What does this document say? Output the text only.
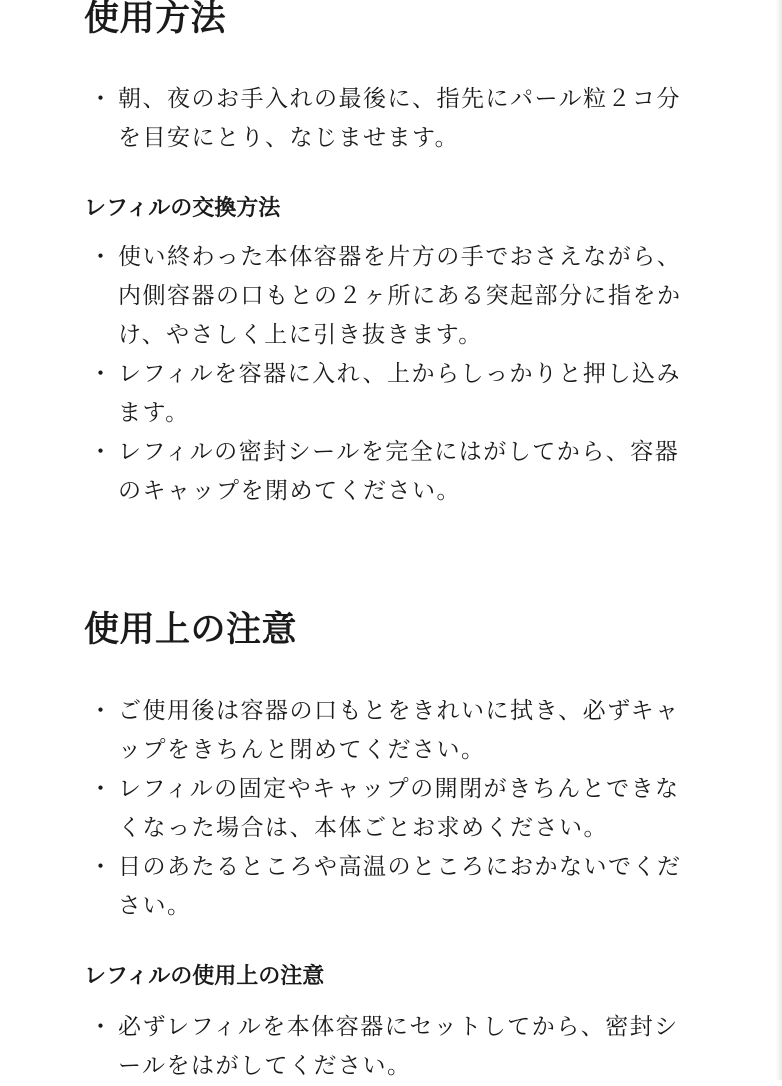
使用方法
・ 朝、夜のお手入れの最後に、指先にパール粒２コ分を目安にとり、なじませます。
レフィルの交換方法
・ 使い終わった本体容器を片方の手でおさえながら、内側容器の口もとの２ヶ所にある突起部分に指をかけ、やさしく上に引き抜きます。
・ レフィルを容器に入れ、上からしっかりと押し込みます。
・ レフィルの密封シールを完全にはがしてから、容器のキャップを閉めてください。
使用上の注意
・ ご使用後は容器の口もとをきれいに拭き、必ずキャップをきちんと閉めてください。
・ レフィルの固定やキャップの開閉がきちんとできなくなった場合は、本体ごとお求めください。
・ 日のあたるところや高温のところにおかないでください。
レフィルの使用上の注意
・ 必ずレフィルを本体容器にセットしてから、密封シールをはがしてください。
